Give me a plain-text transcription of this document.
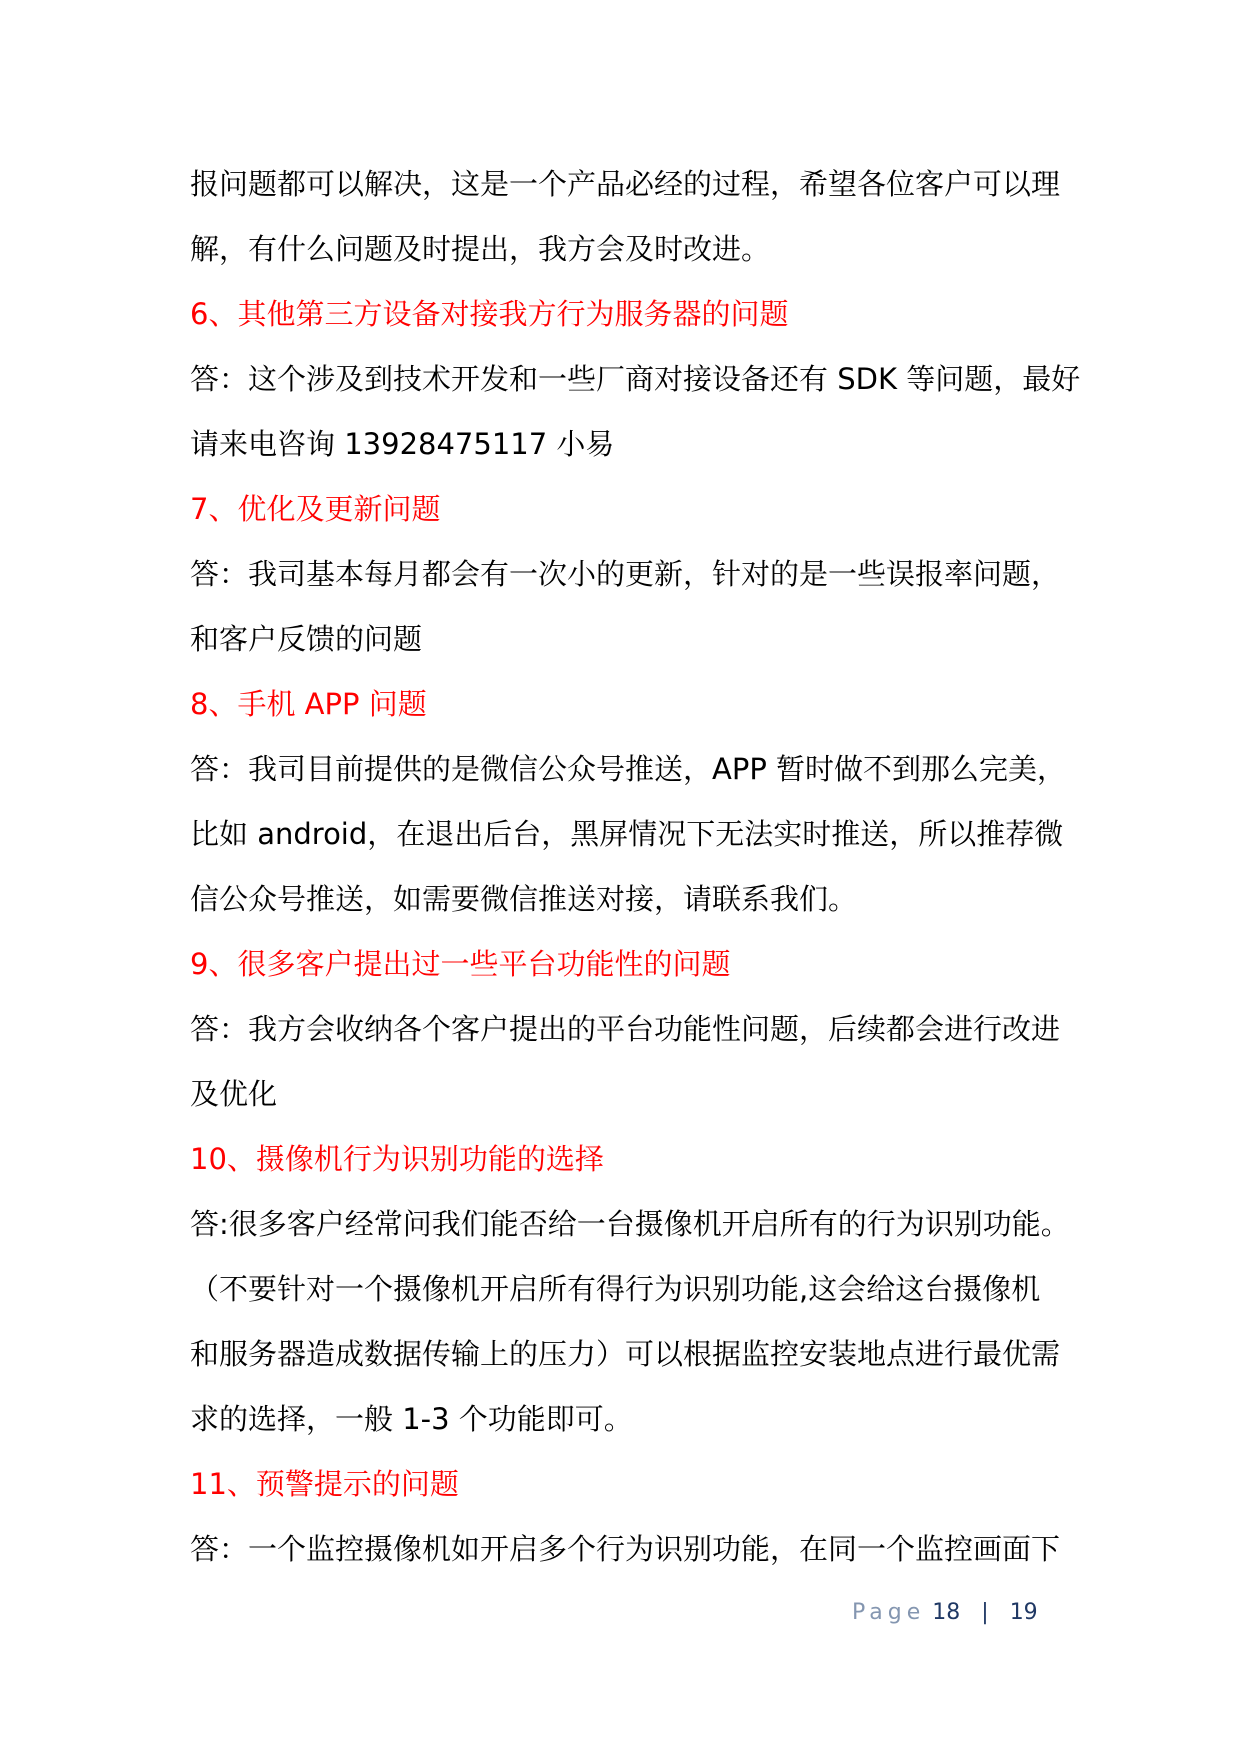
报问题都可以解决，这是一个产品必经的过程，希望各位客户可以理
解，有什么问题及时提出，我方会及时改进。
6、其他第三方设备对接我方行为服务器的问题
答：这个涉及到技术开发和一些厂商对接设备还有 SDK 等问题，最好
请来电咨询 13928475117 小易
7、优化及更新问题
答：我司基本每月都会有一次小的更新，针对的是一些误报率问题，
和客户反馈的问题
8、手机 APP 问题
答：我司目前提供的是微信公众号推送，APP 暂时做不到那么完美，
比如 android，在退出后台，黑屏情况下无法实时推送，所以推荐微
信公众号推送，如需要微信推送对接，请联系我们。
9、很多客户提出过一些平台功能性的问题
答：我方会收纳各个客户提出的平台功能性问题，后续都会进行改进
及优化
10、摄像机行为识别功能的选择
答:很多客户经常问我们能否给一台摄像机开启所有的行为识别功能。
（不要针对一个摄像机开启所有得行为识别功能,这会给这台摄像机
和服务器造成数据传输上的压力）可以根据监控安装地点进行最优需
求的选择，一般 1-3 个功能即可。
11、预警提示的问题
答：一个监控摄像机如开启多个行为识别功能，在同一个监控画面下
Page 18 | 19
